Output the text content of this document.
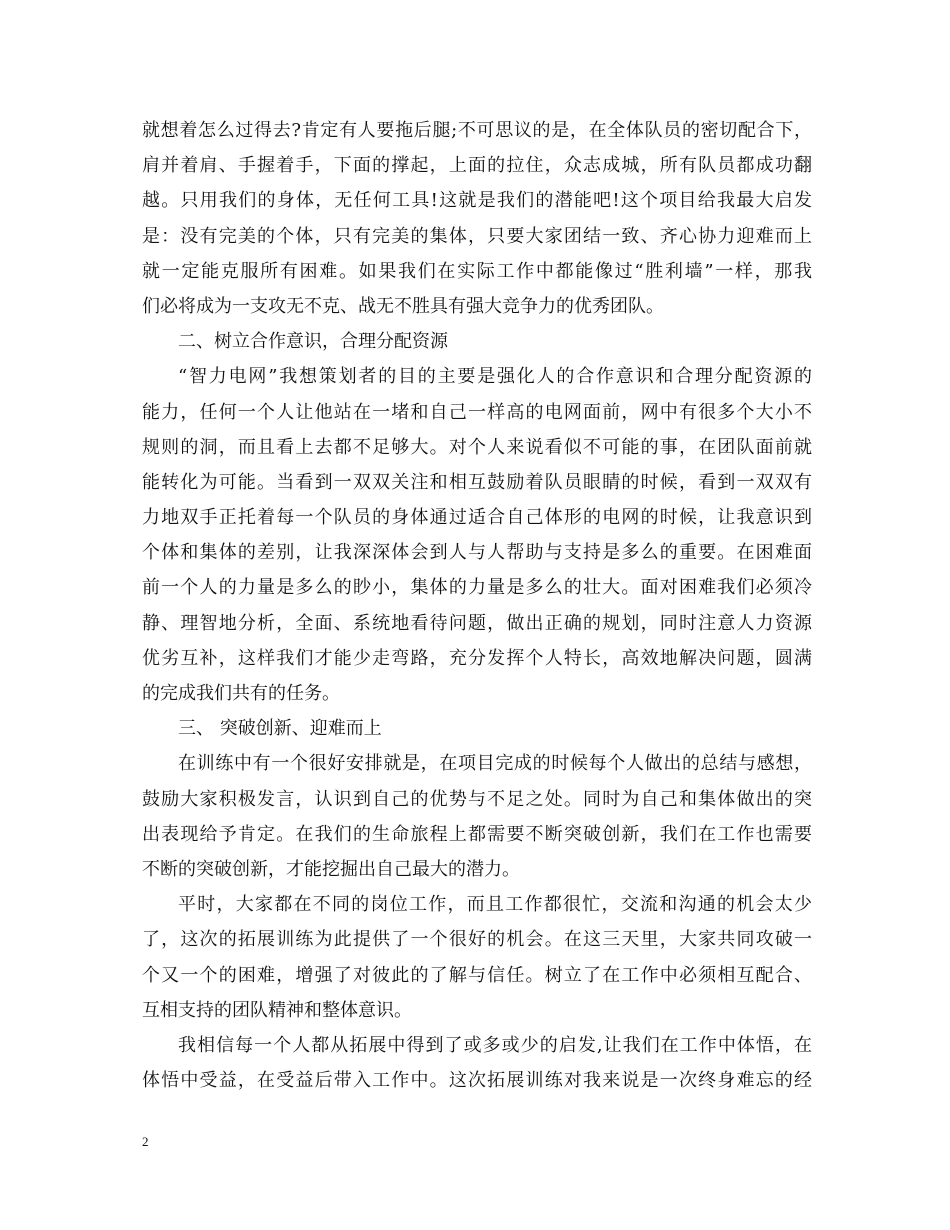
就想着怎么过得去?肯定有人要拖后腿;不可思议的是，在全体队员的密切配合下，
肩并着肩、手握着手，下面的撑起，上面的拉住，众志成城，所有队员都成功翻
越。只用我们的身体，无任何工具!这就是我们的潜能吧!这个项目给我最大启发
是：没有完美的个体，只有完美的集体，只要大家团结一致、齐心协力迎难而上
就一定能克服所有困难。如果我们在实际工作中都能像过“胜利墙”一样，那我
们必将成为一支攻无不克、战无不胜具有强大竞争力的优秀团队。
二、树立合作意识，合理分配资源
“智力电网”我想策划者的目的主要是强化人的合作意识和合理分配资源的
能力，任何一个人让他站在一堵和自己一样高的电网面前，网中有很多个大小不
规则的洞，而且看上去都不足够大。对个人来说看似不可能的事，在团队面前就
能转化为可能。当看到一双双关注和相互鼓励着队员眼睛的时候，看到一双双有
力地双手正托着每一个队员的身体通过适合自己体形的电网的时候，让我意识到
个体和集体的差别，让我深深体会到人与人帮助与支持是多么的重要。在困难面
前一个人的力量是多么的眇小，集体的力量是多么的壮大。面对困难我们必须冷
静、理智地分析，全面、系统地看待问题，做出正确的规划，同时注意人力资源
优劣互补，这样我们才能少走弯路，充分发挥个人特长，高效地解决问题，圆满
的完成我们共有的任务。
三、 突破创新、迎难而上
在训练中有一个很好安排就是，在项目完成的时候每个人做出的总结与感想，
鼓励大家积极发言，认识到自己的优势与不足之处。同时为自己和集体做出的突
出表现给予肯定。在我们的生命旅程上都需要不断突破创新，我们在工作也需要
不断的突破创新，才能挖掘出自己最大的潜力。
平时，大家都在不同的岗位工作，而且工作都很忙，交流和沟通的机会太少
了，这次的拓展训练为此提供了一个很好的机会。在这三天里，大家共同攻破一
个又一个的困难，增强了对彼此的了解与信任。树立了在工作中必须相互配合、
互相支持的团队精神和整体意识。
我相信每一个人都从拓展中得到了或多或少的启发,让我们在工作中体悟，在
体悟中受益，在受益后带入工作中。这次拓展训练对我来说是一次终身难忘的经
2
